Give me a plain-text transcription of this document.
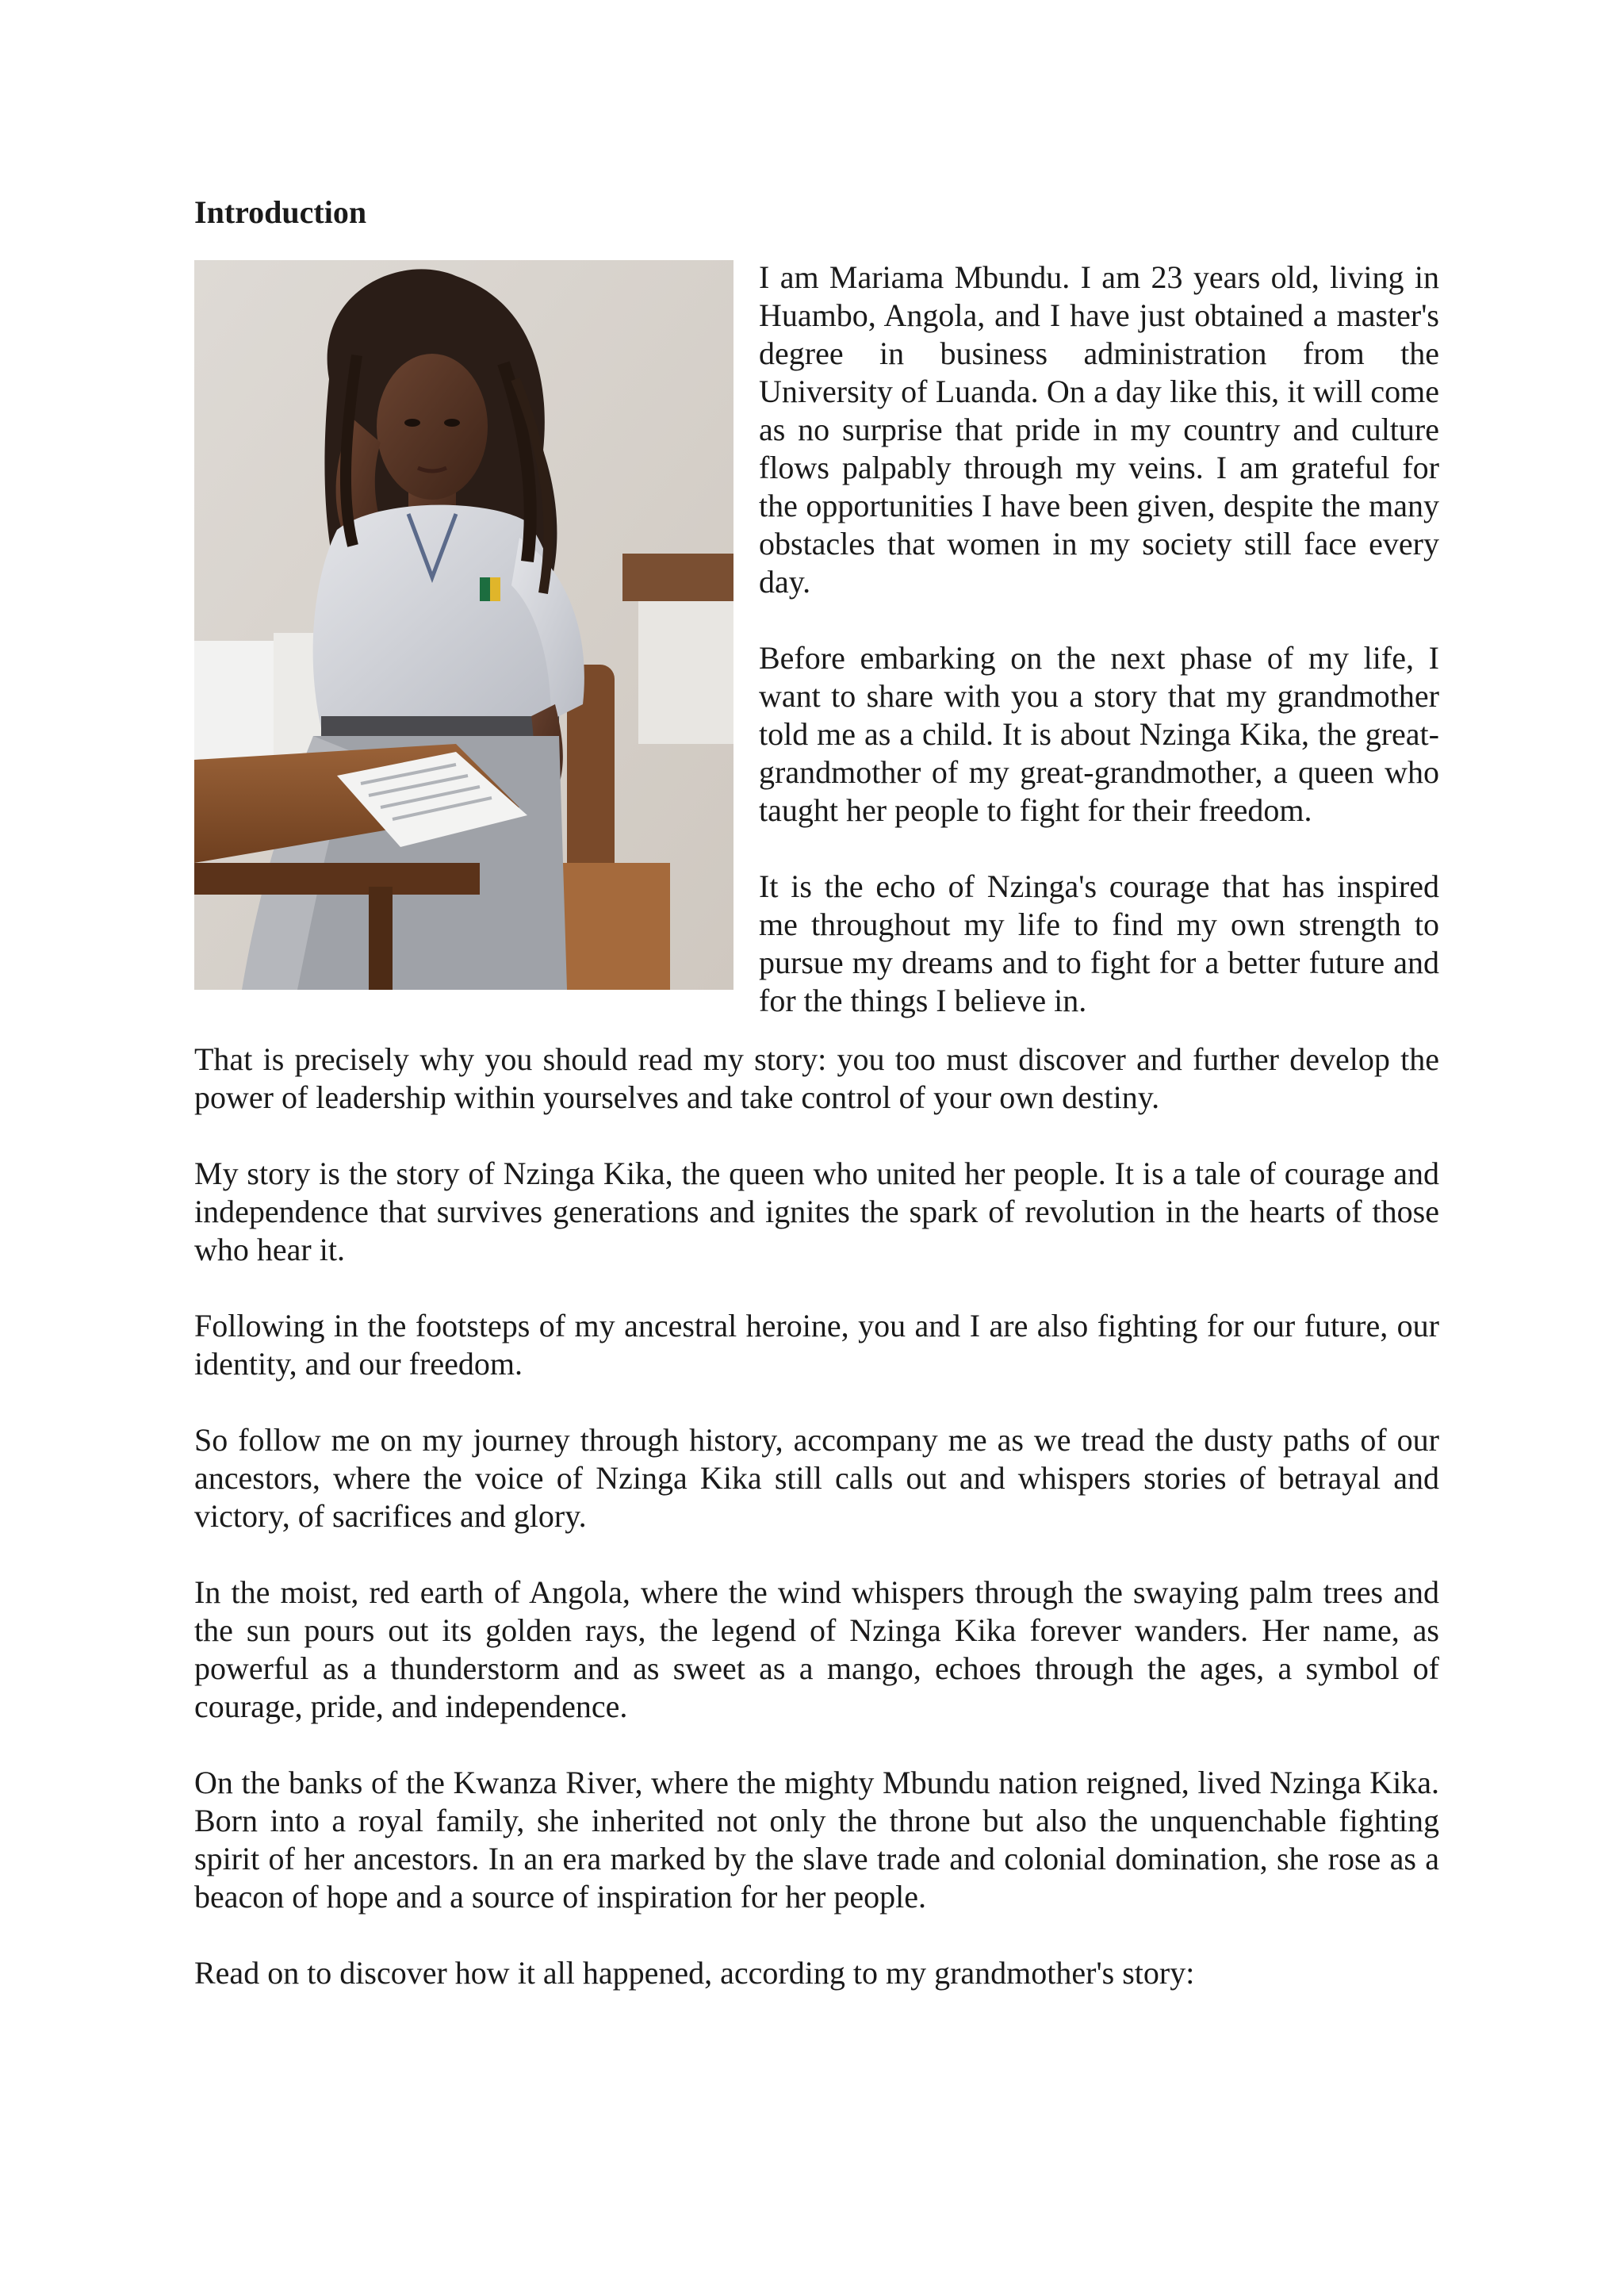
Introduction

I am Mariama Mbundu. I am 23 years old, living in Huambo, Angola, and I have just obtained a master's degree in business administration from the University of Luanda. On a day like this, it will come as no surprise that pride in my country and culture flows palpably through my veins. I am grateful for the opportunities I have been given, despite the many obstacles that women in my society still face every day.

Before embarking on the next phase of my life, I want to share with you a story that my grandmother told me as a child. It is about Nzinga Kika, the great-grandmother of my great-grandmother, a queen who taught her people to fight for their freedom.

It is the echo of Nzinga's courage that has inspired me throughout my life to find my own strength to pursue my dreams and to fight for a better future and for the things I believe in.

That is precisely why you should read my story: you too must discover and further develop the power of leadership within yourselves and take control of your own destiny.

My story is the story of Nzinga Kika, the queen who united her people. It is a tale of courage and independence that survives generations and ignites the spark of revolution in the hearts of those who hear it.

Following in the footsteps of my ancestral heroine, you and I are also fighting for our future, our identity, and our freedom.

So follow me on my journey through history, accompany me as we tread the dusty paths of our ancestors, where the voice of Nzinga Kika still calls out and whispers stories of betrayal and victory, of sacrifices and glory.

In the moist, red earth of Angola, where the wind whispers through the swaying palm trees and the sun pours out its golden rays, the legend of Nzinga Kika forever wanders. Her name, as powerful as a thunderstorm and as sweet as a mango, echoes through the ages, a symbol of courage, pride, and independence.

On the banks of the Kwanza River, where the mighty Mbundu nation reigned, lived Nzinga Kika. Born into a royal family, she inherited not only the throne but also the unquenchable fighting spirit of her ancestors. In an era marked by the slave trade and colonial domination, she rose as a beacon of hope and a source of inspiration for her people.

Read on to discover how it all happened, according to my grandmother's story:
